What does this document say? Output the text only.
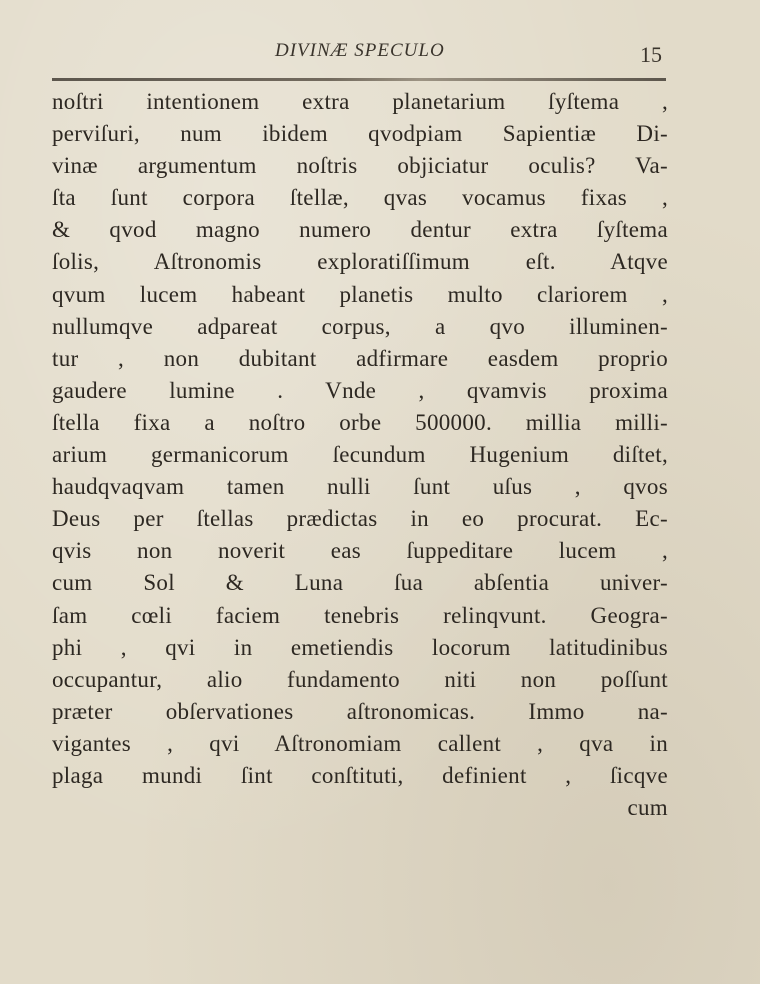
DIVINÆ SPECULO	15
noſtri intentionem extra planetarium ſyſtema ,
perviſuri, num ibidem qvodpiam Sapientiæ Di-
vinæ argumentum noſtris objiciatur oculis? Va-
ſta ſunt corpora ſtellæ, qvas vocamus fixas ,
& qvod magno numero dentur extra ſyſtema
ſolis, Aſtronomis exploratiſſimum eſt. Atqve
qvum lucem habeant planetis multo clariorem ,
nullumqve adpareat corpus, a qvo illuminen-
tur , non dubitant adfirmare easdem proprio
gaudere lumine . Vnde , qvamvis proxima
ſtella fixa a noſtro orbe 500000. millia milli-
arium germanicorum ſecundum Hugenium diſtet,
haudqvaqvam tamen nulli ſunt uſus , qvos
Deus per ſtellas prædictas in eo procurat. Ec-
qvis non noverit eas ſuppeditare lucem ,
cum Sol & Luna ſua abſentia univer-
ſam cœli faciem tenebris relinqvunt. Geogra-
phi , qvi in emetiendis locorum latitudinibus
occupantur, alio fundamento niti non poſſunt
præter obſervationes aſtronomicas. Immo na-
vigantes , qvi Aſtronomiam callent , qva in
plaga mundi ſint conſtituti, definient , ſicqve
cum
